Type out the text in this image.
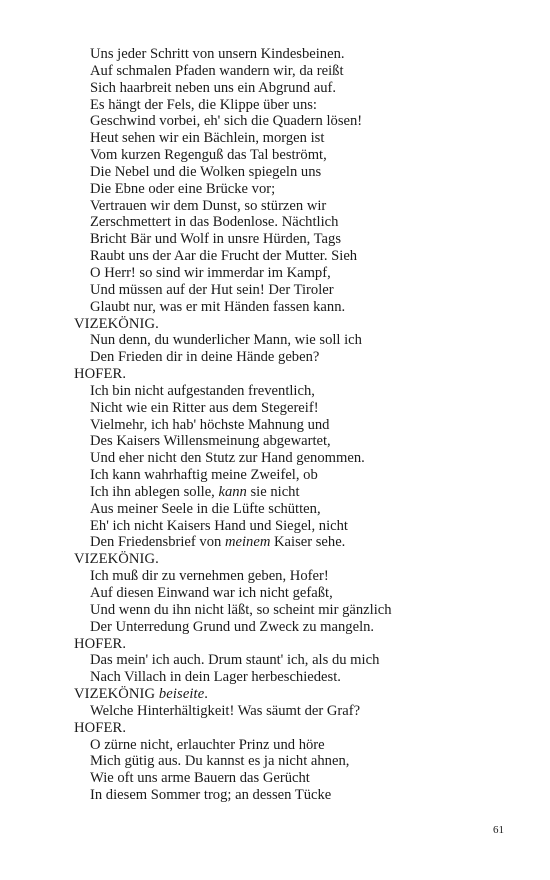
Uns jeder Schritt von unsern Kindesbeinen.
Auf schmalen Pfaden wandern wir, da reißt
Sich haarbreit neben uns ein Abgrund auf.
Es hängt der Fels, die Klippe über uns:
Geschwind vorbei, eh' sich die Quadern lösen!
Heut sehen wir ein Bächlein, morgen ist
Vom kurzen Regenguß das Tal beströmt,
Die Nebel und die Wolken spiegeln uns
Die Ebne oder eine Brücke vor;
Vertrauen wir dem Dunst, so stürzen wir
Zerschmettert in das Bodenlose. Nächtlich
Bricht Bär und Wolf in unsre Hürden, Tags
Raubt uns der Aar die Frucht der Mutter. Sieh
O Herr! so sind wir immerdar im Kampf,
Und müssen auf der Hut sein! Der Tiroler
Glaubt nur, was er mit Händen fassen kann.
VIZEKÖNIG.
Nun denn, du wunderlicher Mann, wie soll ich
Den Frieden dir in deine Hände geben?
HOFER.
Ich bin nicht aufgestanden freventlich,
Nicht wie ein Ritter aus dem Stegereif!
Vielmehr, ich hab' höchste Mahnung und
Des Kaisers Willensmeinung abgewartet,
Und eher nicht den Stutz zur Hand genommen.
Ich kann wahrhaftig meine Zweifel, ob
Ich ihn ablegen solle, kann sie nicht
Aus meiner Seele in die Lüfte schütten,
Eh' ich nicht Kaisers Hand und Siegel, nicht
Den Friedensbrief von meinem Kaiser sehe.
VIZEKÖNIG.
Ich muß dir zu vernehmen geben, Hofer!
Auf diesen Einwand war ich nicht gefaßt,
Und wenn du ihn nicht läßt, so scheint mir gänzlich
Der Unterredung Grund und Zweck zu mangeln.
HOFER.
Das mein' ich auch. Drum staunt' ich, als du mich
Nach Villach in dein Lager herbeschiedest.
VIZEKÖNIG beiseite.
Welche Hinterhältigkeit! Was säumt der Graf?
HOFER.
O zürne nicht, erlauchter Prinz und höre
Mich gütig aus. Du kannst es ja nicht ahnen,
Wie oft uns arme Bauern das Gerücht
In diesem Sommer trog; an dessen Tücke
61
